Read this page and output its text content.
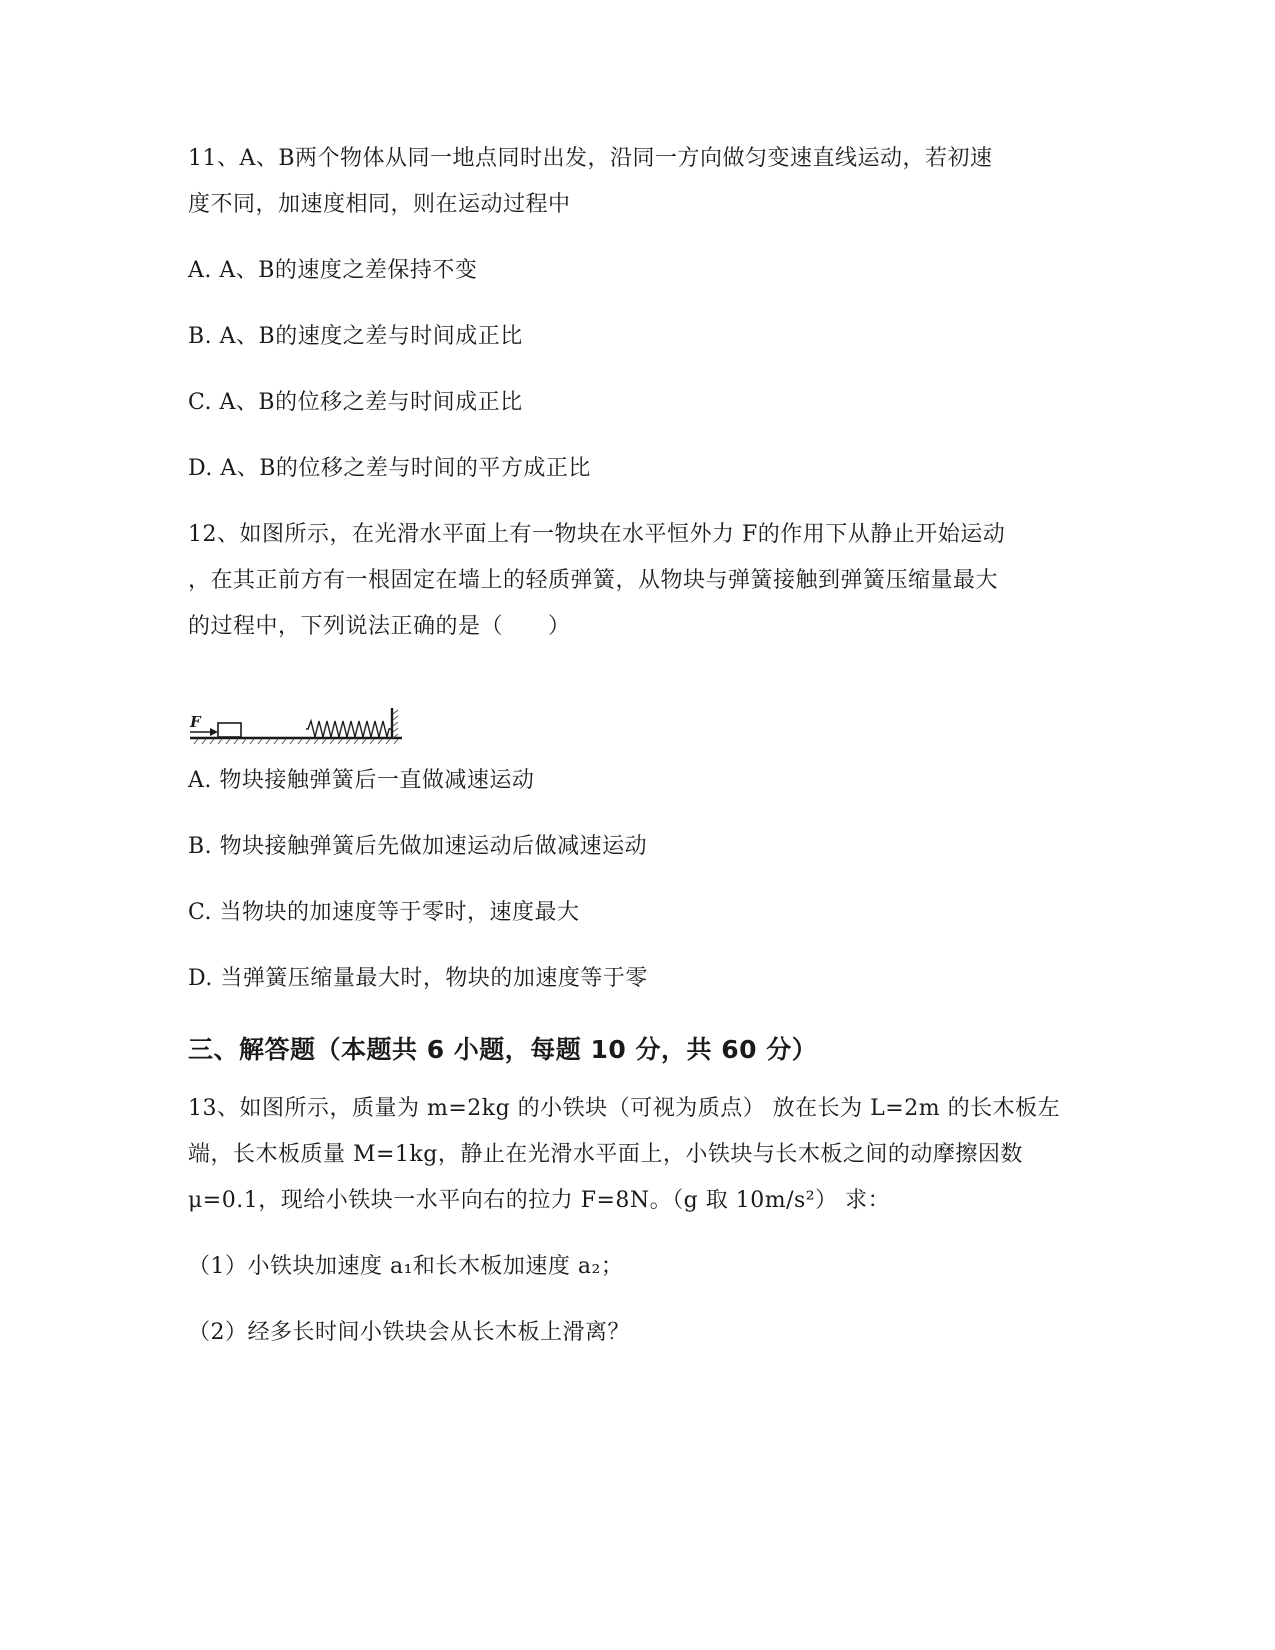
11、A、B两个物体从同一地点同时出发，沿同一方向做匀变速直线运动，若初速
度不同，加速度相同，则在运动过程中
A. A、B的速度之差保持不变
B. A、B的速度之差与时间成正比
C. A、B的位移之差与时间成正比
D. A、B的位移之差与时间的平方成正比
12、如图所示，在光滑水平面上有一物块在水平恒外力 F的作用下从静止开始运动
，在其正前方有一根固定在墙上的轻质弹簧，从物块与弹簧接触到弹簧压缩量最大
的过程中，下列说法正确的是（　　）
F
A. 物块接触弹簧后一直做减速运动
B. 物块接触弹簧后先做加速运动后做减速运动
C. 当物块的加速度等于零时，速度最大
D. 当弹簧压缩量最大时，物块的加速度等于零
三、解答题（本题共 6 小题，每题 10 分，共 60 分）
13、如图所示，质量为 m=2kg 的小铁块（可视为质点） 放在长为 L=2m 的长木板左
端，长木板质量 M=1kg，静止在光滑水平面上，小铁块与长木板之间的动摩擦因数
μ=0.1，现给小铁块一水平向右的拉力 F=8N。（g 取 10m/s²） 求：
（1）小铁块加速度 a₁和长木板加速度 a₂；
（2）经多长时间小铁块会从长木板上滑离？
